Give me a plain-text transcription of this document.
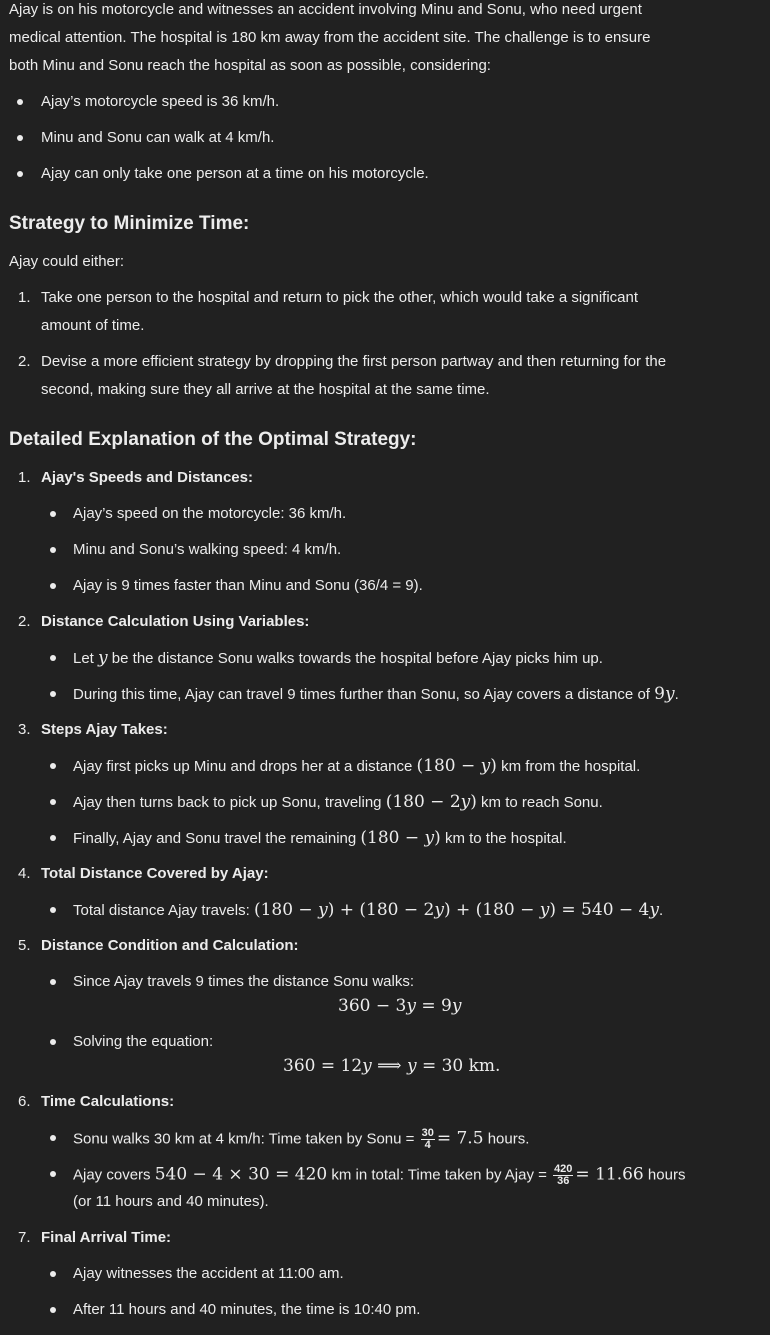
Ajay is on his motorcycle and witnesses an accident involving Minu and Sonu, who need urgent
medical attention. The hospital is 180 km away from the accident site. The challenge is to ensure
both Minu and Sonu reach the hospital as soon as possible, considering:
Ajay’s motorcycle speed is 36 km/h.
Minu and Sonu can walk at 4 km/h.
Ajay can only take one person at a time on his motorcycle.
Strategy to Minimize Time:
Ajay could either:
1. Take one person to the hospital and return to pick the other, which would take a significant
amount of time.
2. Devise a more efficient strategy by dropping the first person partway and then returning for the
second, making sure they all arrive at the hospital at the same time.
Detailed Explanation of the Optimal Strategy:
1. Ajay's Speeds and Distances:
Ajay’s speed on the motorcycle: 36 km/h.
Minu and Sonu’s walking speed: 4 km/h.
Ajay is 9 times faster than Minu and Sonu (36/4 = 9).
2. Distance Calculation Using Variables:
Let y be the distance Sonu walks towards the hospital before Ajay picks him up.
During this time, Ajay can travel 9 times further than Sonu, so Ajay covers a distance of 9y.
3. Steps Ajay Takes:
Ajay first picks up Minu and drops her at a distance (180 − y) km from the hospital.
Ajay then turns back to pick up Sonu, traveling (180 − 2y) km to reach Sonu.
Finally, Ajay and Sonu travel the remaining (180 − y) km to the hospital.
4. Total Distance Covered by Ajay:
Total distance Ajay travels: (180 − y) + (180 − 2y) + (180 − y) = 540 − 4y.
5. Distance Condition and Calculation:
Since Ajay travels 9 times the distance Sonu walks:
360 − 3y = 9y
Solving the equation:
360 = 12y ⟹ y = 30 km.
6. Time Calculations:
Sonu walks 30 km at 4 km/h: Time taken by Sonu = $\frac{30}{4} = 7.5$ hours.
Ajay covers 540 − 4 × 30 = 420 km in total: Time taken by Ajay = $\frac{420}{36} = 11.66$ hours
(or 11 hours and 40 minutes).
7. Final Arrival Time:
Ajay witnesses the accident at 11:00 am.
After 11 hours and 40 minutes, the time is 10:40 pm.
